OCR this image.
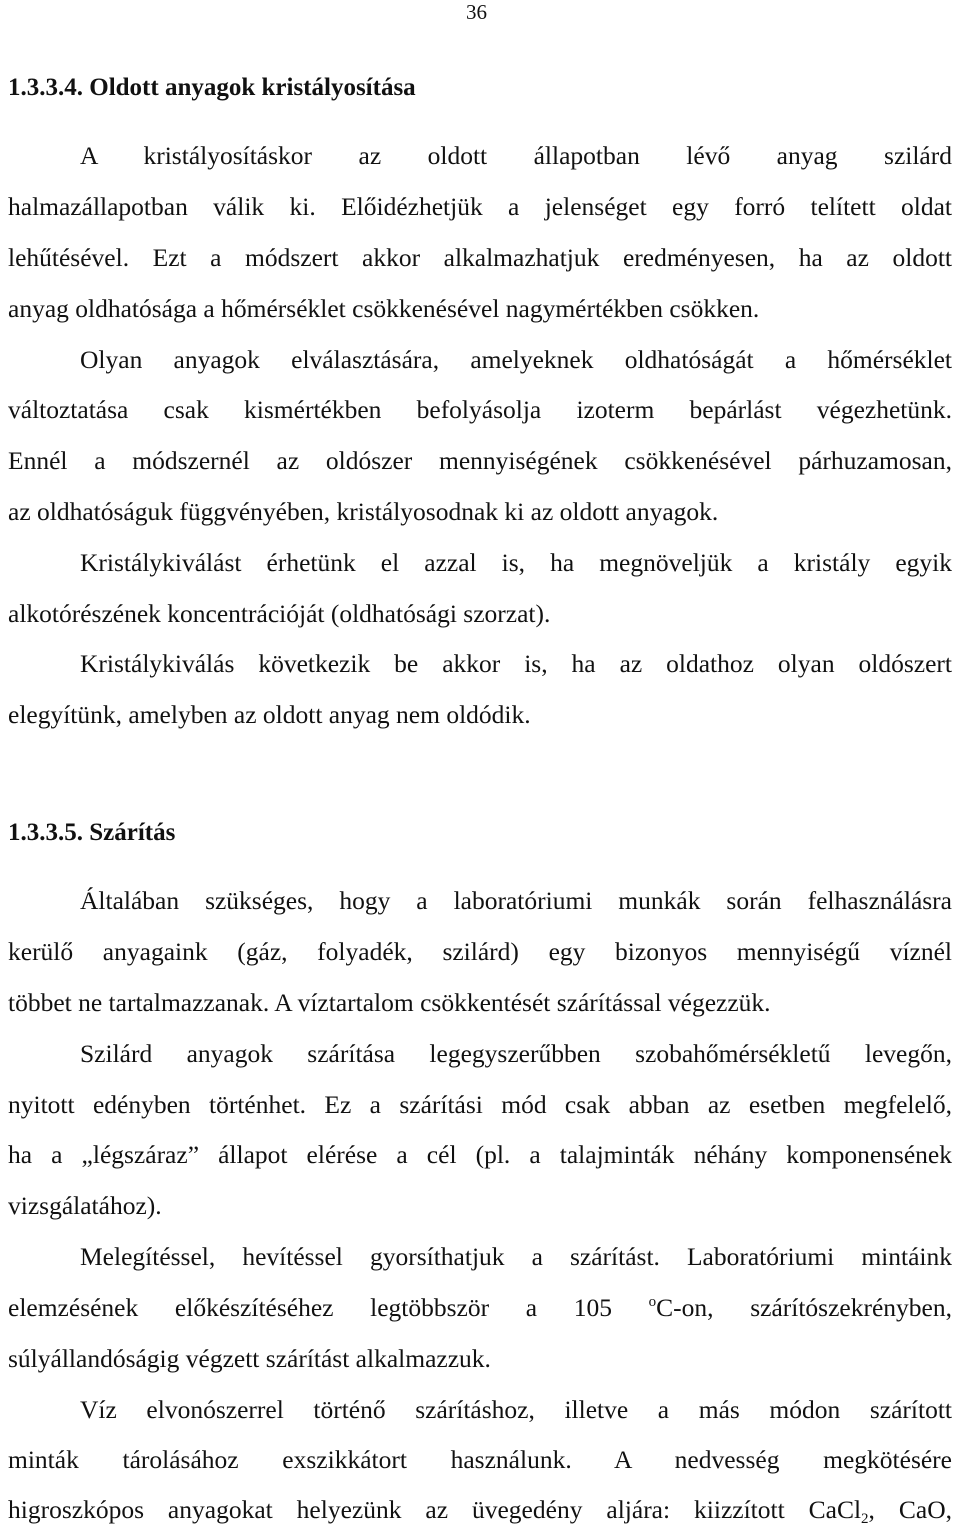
36
1.3.3.4. Oldott anyagok kristályosítása
A kristályosításkor az oldott állapotban lévő anyag szilárd
halmazállapotban válik ki. Előidézhetjük a jelenséget egy forró telített oldat
lehűtésével. Ezt a módszert akkor alkalmazhatjuk eredményesen, ha az oldott
anyag oldhatósága a hőmérséklet csökkenésével nagymértékben csökken.
Olyan anyagok elválasztására, amelyeknek oldhatóságát a hőmérséklet
változtatása csak kismértékben befolyásolja izoterm bepárlást végezhetünk.
Ennél a módszernél az oldószer mennyiségének csökkenésével párhuzamosan,
az oldhatóságuk függvényében, kristályosodnak ki az oldott anyagok.
Kristálykiválást érhetünk el azzal is, ha megnöveljük a kristály egyik
alkotórészének koncentrációját (oldhatósági szorzat).
Kristálykiválás következik be akkor is, ha az oldathoz olyan oldószert
elegyítünk, amelyben az oldott anyag nem oldódik.
1.3.3.5. Szárítás
Általában szükséges, hogy a laboratóriumi munkák során felhasználásra
kerülő anyagaink (gáz, folyadék, szilárd) egy bizonyos mennyiségű víznél
többet ne tartalmazzanak. A víztartalom csökkentését szárítással végezzük.
Szilárd anyagok szárítása legegyszerűbben szobahőmérsékletű levegőn,
nyitott edényben történhet. Ez a szárítási mód csak abban az esetben megfelelő,
ha a „légszáraz” állapot elérése a cél (pl. a talajminták néhány komponensének
vizsgálatához).
Melegítéssel, hevítéssel gyorsíthatjuk a szárítást. Laboratóriumi mintáink
elemzésének előkészítéséhez legtöbbször a 105 $^o$C-on, szárítószekrényben,
súlyállandóságig végzett szárítást alkalmazzuk.
Víz elvonószerrel történő szárításhoz, illetve a más módon szárított
minták tárolásához exszikkátort használunk. A nedvesség megkötésére
higroszkópos anyagokat helyezünk az üvegedény aljára: kiizzított CaCl$_2$, CaO,
